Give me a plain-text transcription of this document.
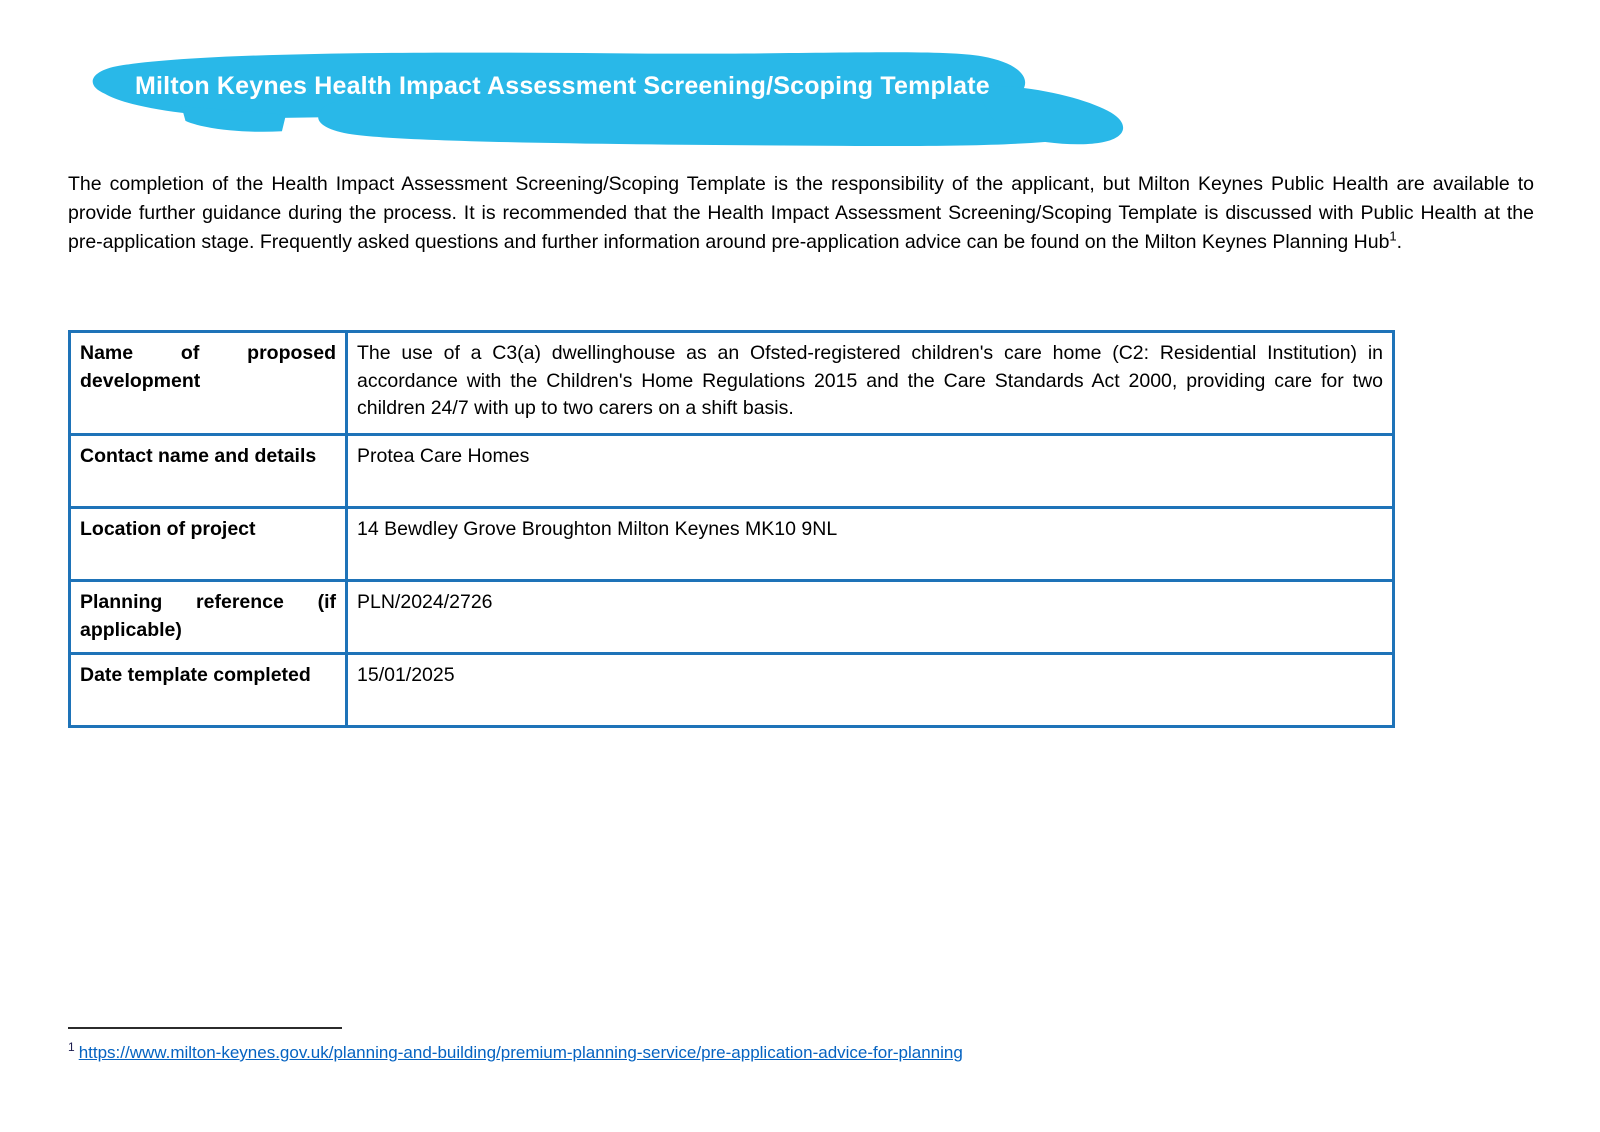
Milton Keynes Health Impact Assessment Screening/Scoping Template

The completion of the Health Impact Assessment Screening/Scoping Template is the responsibility of the applicant, but Milton Keynes Public Health are available to provide further guidance during the process. It is recommended that the Health Impact Assessment Screening/Scoping Template is discussed with Public Health at the pre-application stage. Frequently asked questions and further information around pre-application advice can be found on the Milton Keynes Planning Hub$^1$.

Name of proposed development	The use of a C3(a) dwellinghouse as an Ofsted-registered children's care home (C2: Residential Institution) in accordance with the Children's Home Regulations 2015 and the Care Standards Act 2000, providing care for two children 24/7 with up to two carers on a shift basis.
Contact name and details	Protea Care Homes
Location of project	14 Bewdley Grove Broughton Milton Keynes MK10 9NL
Planning reference (if applicable)	PLN/2024/2726
Date template completed	15/01/2025
$^1$ https://www.milton-keynes.gov.uk/planning-and-building/premium-planning-service/pre-application-advice-for-planning
